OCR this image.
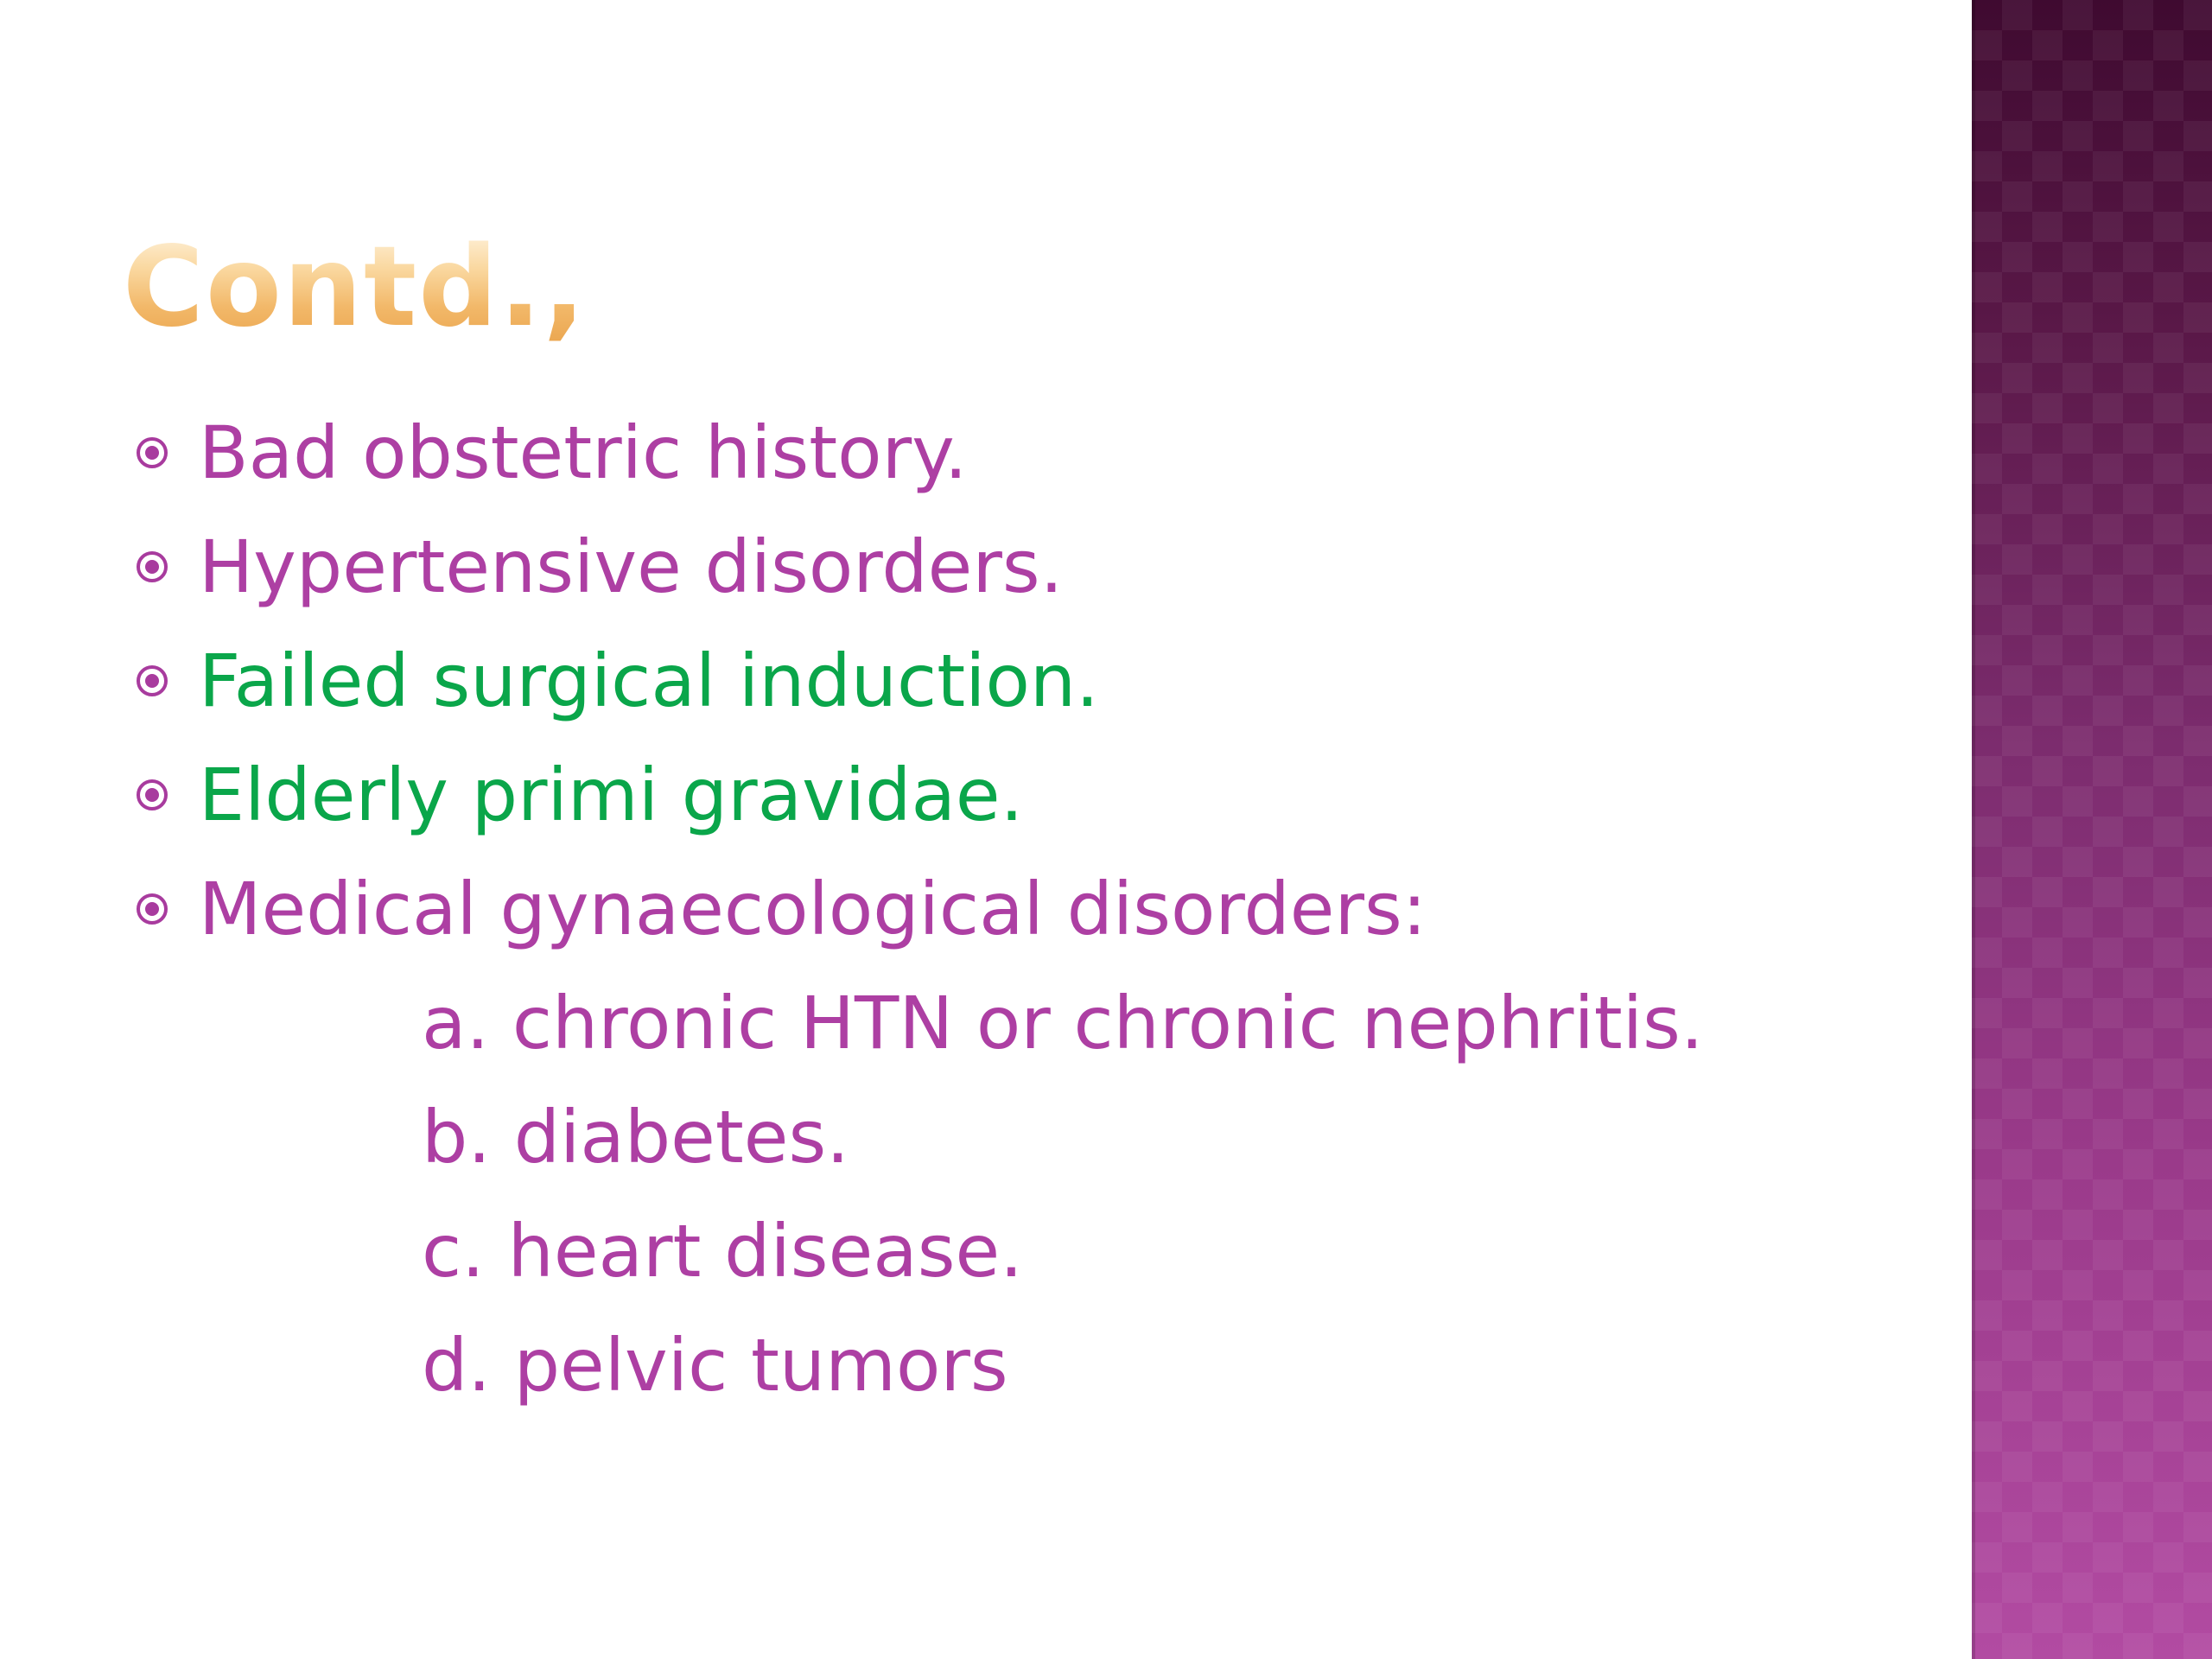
Contd.,
Bad obstetric history.
Hypertensive disorders.
Failed surgical induction.
Elderly primi gravidae.
Medical gynaecological disorders:
a. chronic HTN or chronic nephritis.
b. diabetes.
c. heart disease.
d. pelvic tumors
